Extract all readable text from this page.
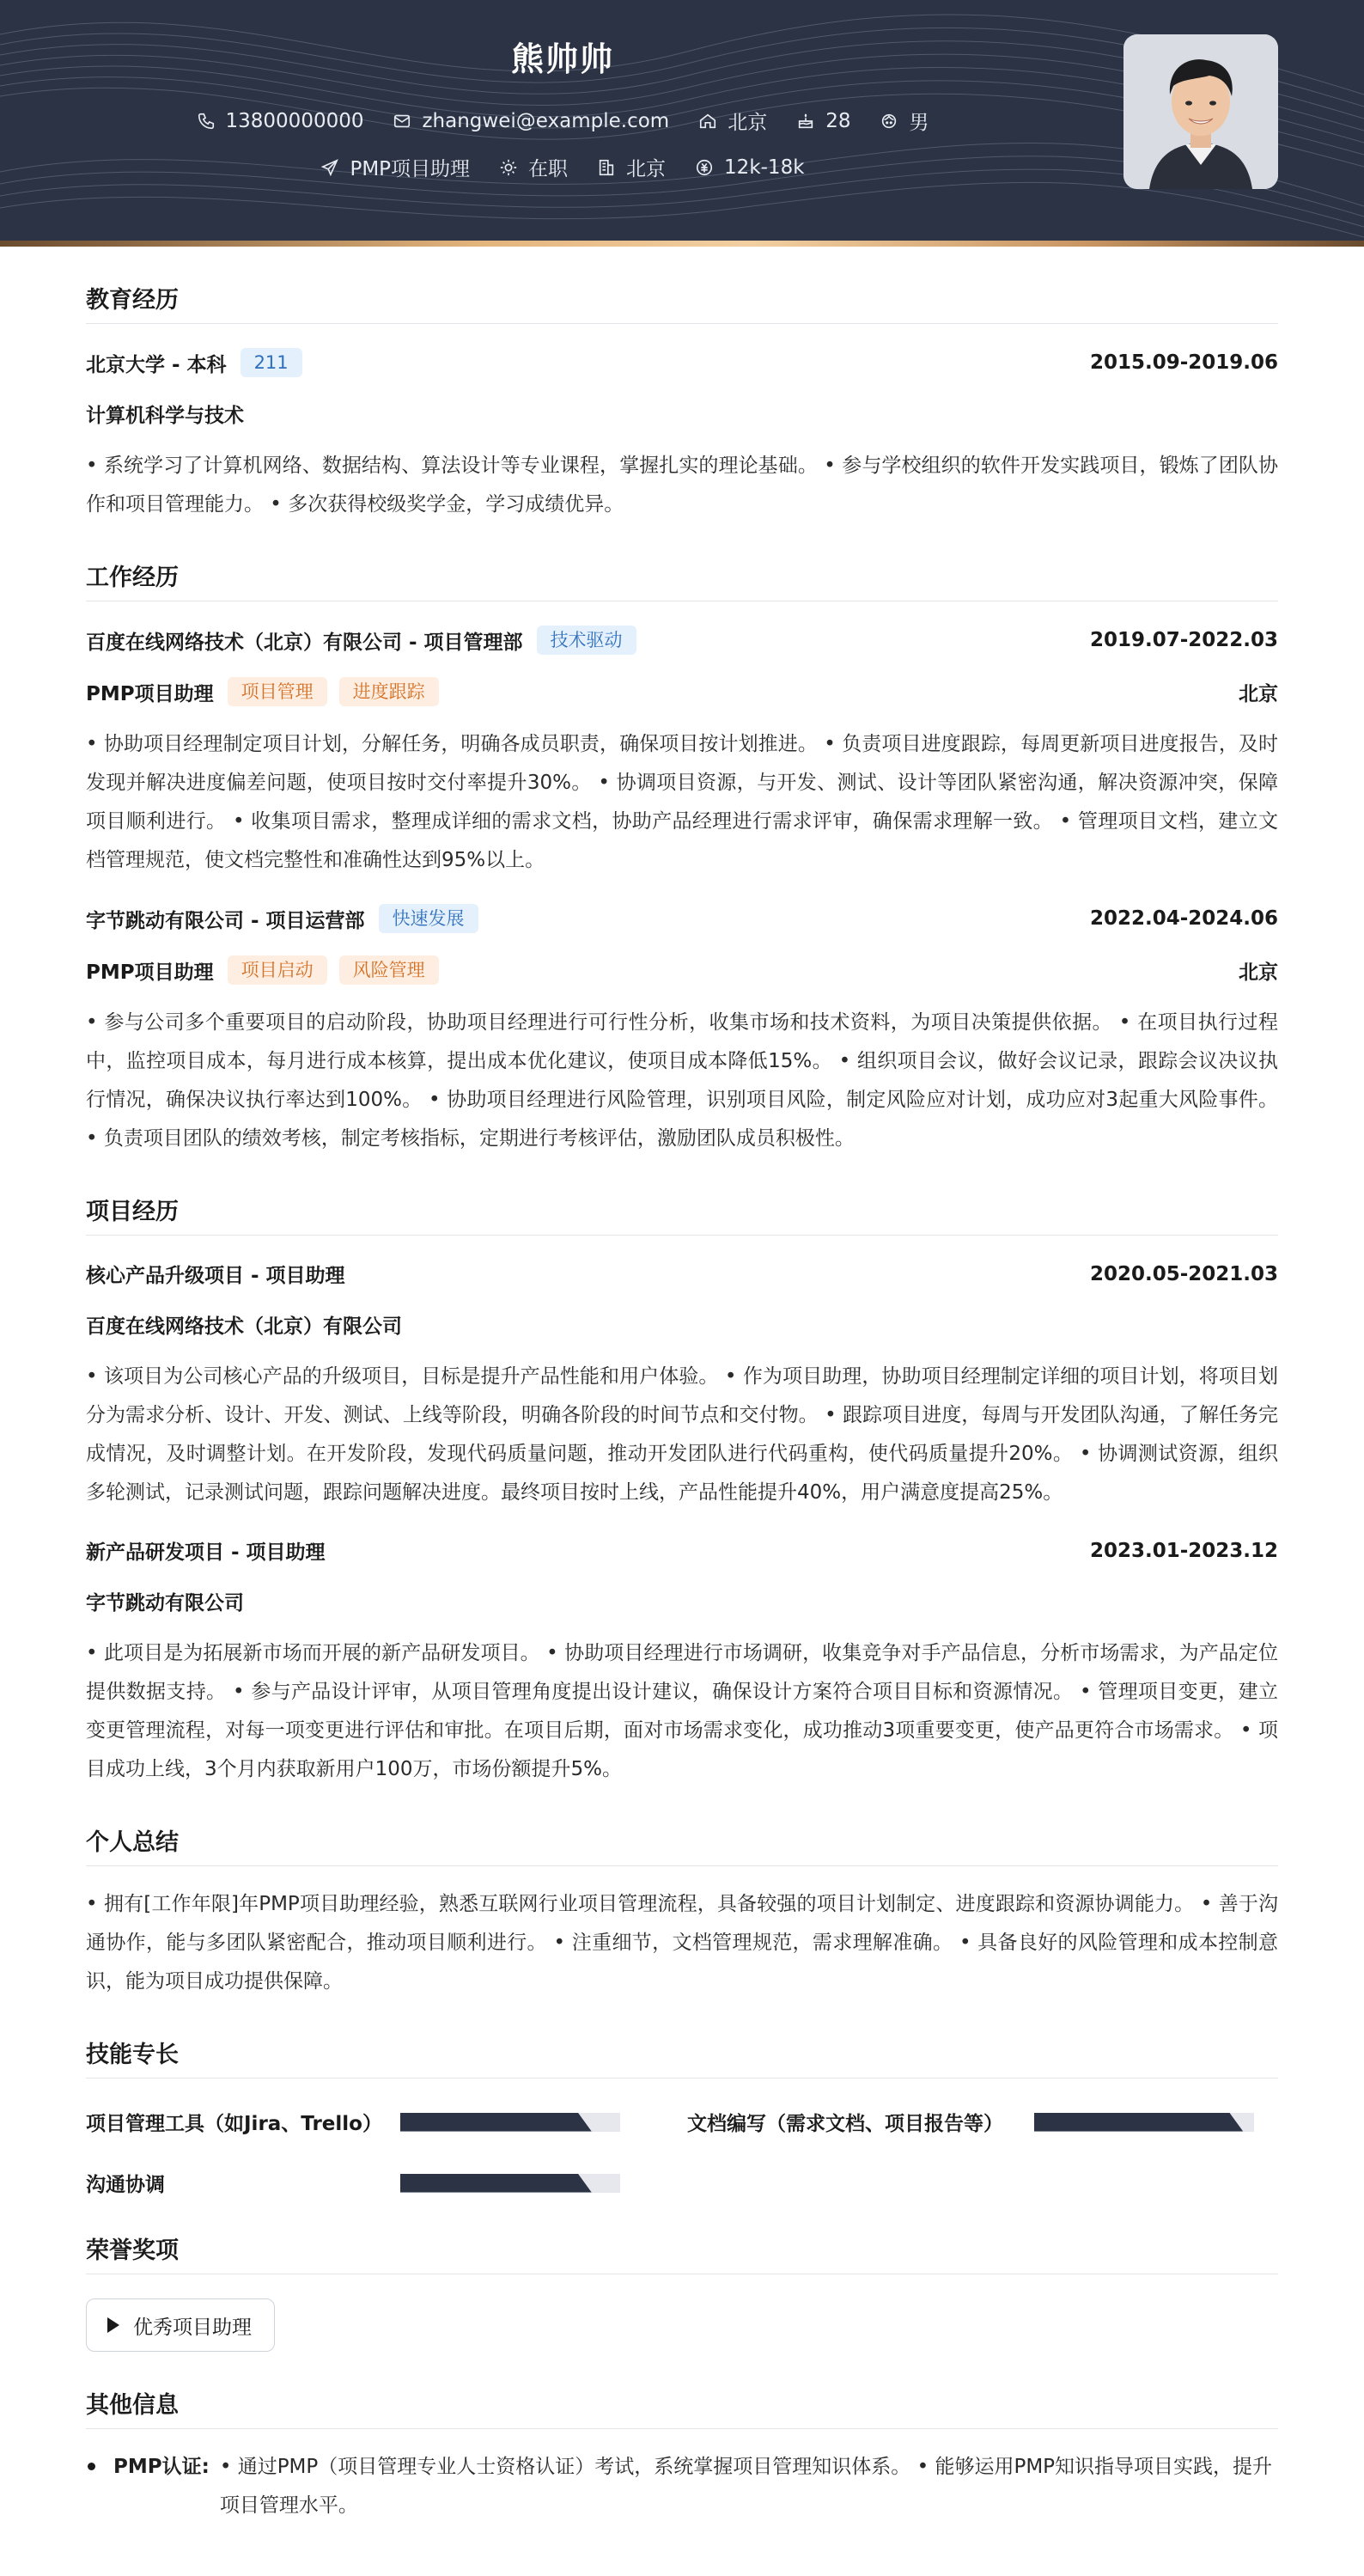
熊帅帅
13800000000	zhangwei@example.com	北京	28	男
PMP项目助理	在职	北京	12k-18k
教育经历
北京大学 - 本科	211	2015.09-2019.06
计算机科学与技术
• 系统学习了计算机网络、数据结构、算法设计等专业课程，掌握扎实的理论基础。 • 参与学校组织的软件开发实践项目，锻炼了团队协作和项目管理能力。 • 多次获得校级奖学金，学习成绩优异。
工作经历
百度在线网络技术（北京）有限公司 - 项目管理部	技术驱动	2019.07-2022.03
PMP项目助理	项目管理	进度跟踪	北京
• 协助项目经理制定项目计划，分解任务，明确各成员职责，确保项目按计划推进。 • 负责项目进度跟踪，每周更新项目进度报告，及时发现并解决进度偏差问题，使项目按时交付率提升30%。 • 协调项目资源，与开发、测试、设计等团队紧密沟通，解决资源冲突，保障项目顺利进行。 • 收集项目需求，整理成详细的需求文档，协助产品经理进行需求评审，确保需求理解一致。 • 管理项目文档，建立文档管理规范，使文档完整性和准确性达到95%以上。
字节跳动有限公司 - 项目运营部	快速发展	2022.04-2024.06
PMP项目助理	项目启动	风险管理	北京
• 参与公司多个重要项目的启动阶段，协助项目经理进行可行性分析，收集市场和技术资料，为项目决策提供依据。 • 在项目执行过程中，监控项目成本，每月进行成本核算，提出成本优化建议，使项目成本降低15%。 • 组织项目会议，做好会议记录，跟踪会议决议执行情况，确保决议执行率达到100%。 • 协助项目经理进行风险管理，识别项目风险，制定风险应对计划，成功应对3起重大风险事件。 • 负责项目团队的绩效考核，制定考核指标，定期进行考核评估，激励团队成员积极性。
项目经历
核心产品升级项目 - 项目助理	2020.05-2021.03
百度在线网络技术（北京）有限公司
• 该项目为公司核心产品的升级项目，目标是提升产品性能和用户体验。 • 作为项目助理，协助项目经理制定详细的项目计划，将项目划分为需求分析、设计、开发、测试、上线等阶段，明确各阶段的时间节点和交付物。 • 跟踪项目进度，每周与开发团队沟通，了解任务完成情况，及时调整计划。在开发阶段，发现代码质量问题，推动开发团队进行代码重构，使代码质量提升20%。 • 协调测试资源，组织多轮测试，记录测试问题，跟踪问题解决进度。最终项目按时上线，产品性能提升40%，用户满意度提高25%。
新产品研发项目 - 项目助理	2023.01-2023.12
字节跳动有限公司
• 此项目是为拓展新市场而开展的新产品研发项目。 • 协助项目经理进行市场调研，收集竞争对手产品信息，分析市场需求，为产品定位提供数据支持。 • 参与产品设计评审，从项目管理角度提出设计建议，确保设计方案符合项目目标和资源情况。 • 管理项目变更，建立变更管理流程，对每一项变更进行评估和审批。在项目后期，面对市场需求变化，成功推动3项重要变更，使产品更符合市场需求。 • 项目成功上线，3个月内获取新用户100万，市场份额提升5%。
个人总结
• 拥有[工作年限]年PMP项目助理经验，熟悉互联网行业项目管理流程，具备较强的项目计划制定、进度跟踪和资源协调能力。 • 善于沟通协作，能与多团队紧密配合，推动项目顺利进行。 • 注重细节，文档管理规范，需求理解准确。 • 具备良好的风险管理和成本控制意识，能为项目成功提供保障。
技能专长
项目管理工具（如Jira、Trello）	文档编写（需求文档、项目报告等）
沟通协调
荣誉奖项
优秀项目助理
其他信息
PMP认证: • 通过PMP（项目管理专业人士资格认证）考试，系统掌握项目管理知识体系。 • 能够运用PMP知识指导项目实践，提升项目管理水平。
